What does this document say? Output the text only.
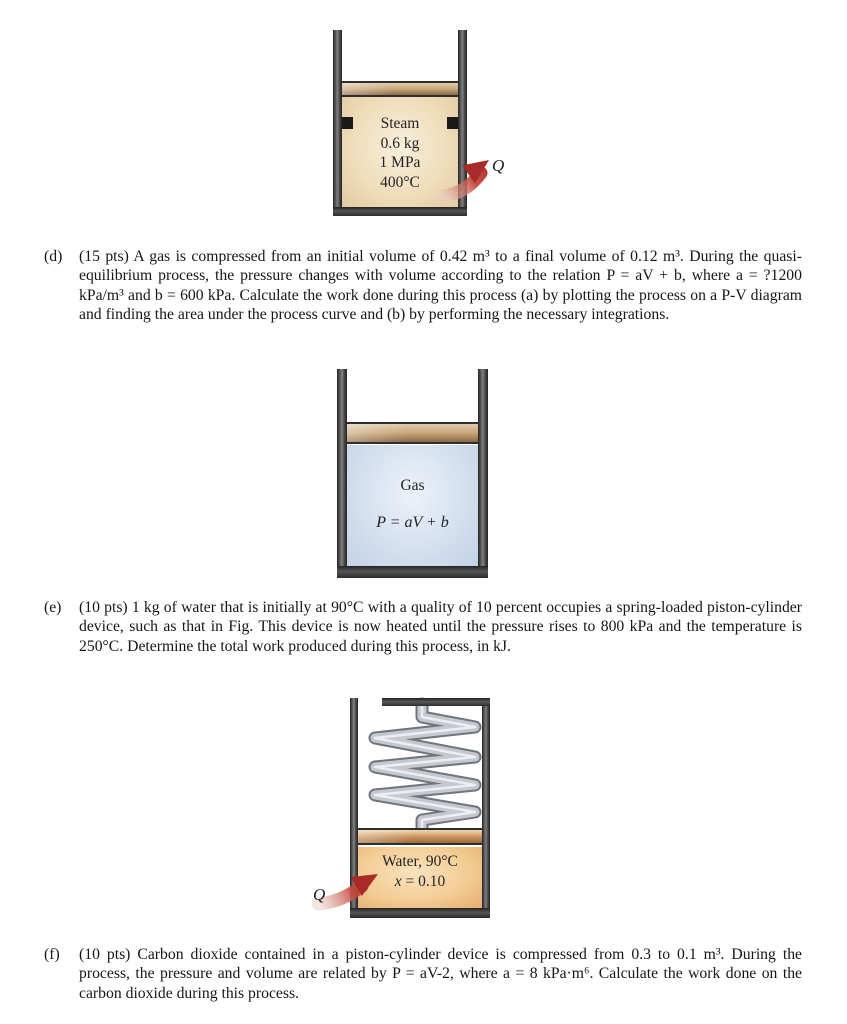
Steam
0.6 kg
1 MPa
400°C
Q
(d)	(15 pts) A gas is compressed from an initial volume of 0.42 m³ to a final volume of 0.12 m³. During the quasi-equilibrium process, the pressure changes with volume according to the relation P = aV + b, where a = ?1200 kPa/m³ and b = 600 kPa. Calculate the work done during this process (a) by plotting the process on a P-V diagram and finding the area under the process curve and (b) by performing the necessary integrations.
Gas
P = aV + b
(e)	(10 pts) 1 kg of water that is initially at 90°C with a quality of 10 percent occupies a spring-loaded piston-cylinder device, such as that in Fig. This device is now heated until the pressure rises to 800 kPa and the temperature is 250°C. Determine the total work produced during this process, in kJ.
Water, 90°C
x = 0.10
Q
(f)	(10 pts) Carbon dioxide contained in a piston-cylinder device is compressed from 0.3 to 0.1 m³. During the process, the pressure and volume are related by P = aV-2, where a = 8 kPa·m⁶. Calculate the work done on the carbon dioxide during this process.
